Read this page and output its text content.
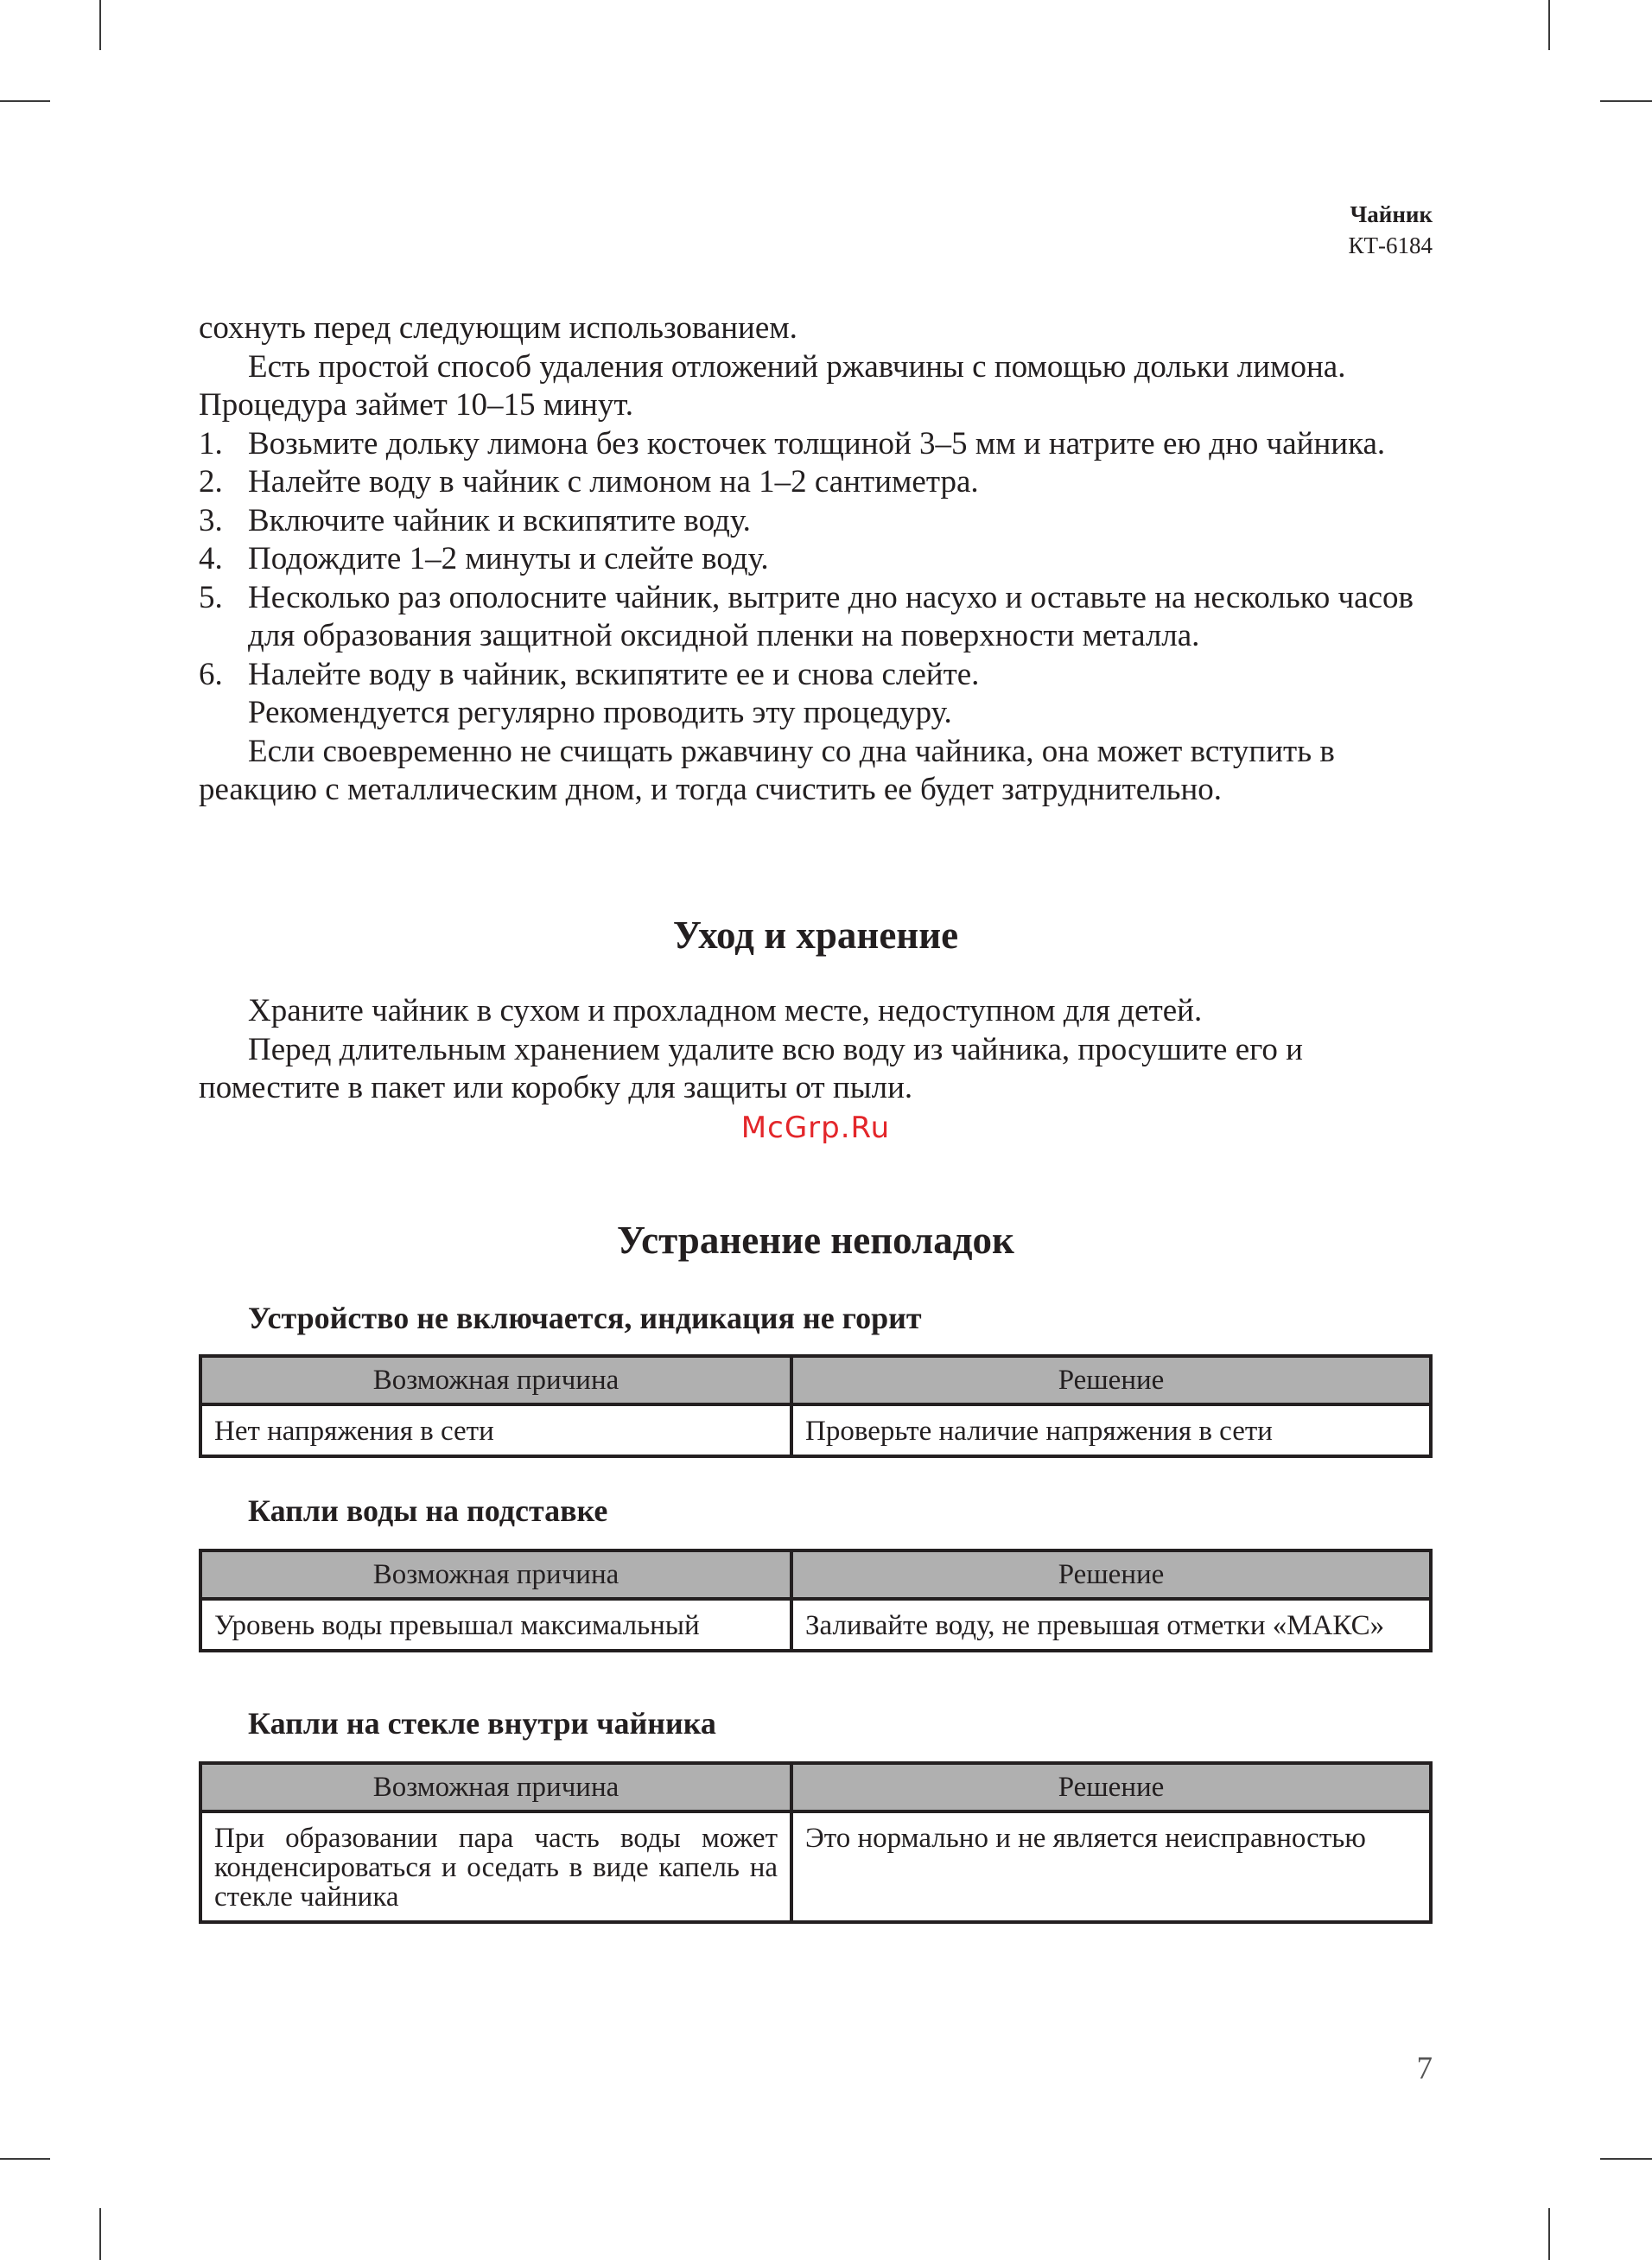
Чайник
КТ-6184

сохнуть перед следующим использованием.

Есть простой способ удаления отложений ржавчины с помощью дольки лимона. Процедура займет 10–15 минут.

1. Возьмите дольку лимона без косточек толщиной 3–5 мм и натрите ею дно чайника.
2. Налейте воду в чайник с лимоном на 1–2 сантиметра.
3. Включите чайник и вскипятите воду.
4. Подождите 1–2 минуты и слейте воду.
5. Несколько раз ополосните чайник, вытрите дно насухо и оставьте на несколько часов для образования защитной оксидной пленки на поверхности металла.
6. Налейте воду в чайник, вскипятите ее и снова слейте.

Рекомендуется регулярно проводить эту процедуру.

Если своевременно не счищать ржавчину со дна чайника, она может вступить в реакцию с металлическим дном, и тогда счистить ее будет затруднительно.

Уход и хранение

Храните чайник в сухом и прохладном месте, недоступном для детей.

Перед длительным хранением удалите всю воду из чайника, просушите его и поместите в пакет или коробку для защиты от пыли.

McGrp.Ru
Устранение неполадок
Устройство не включается, индикация не горит
Возможная причина	Решение
Нет напряжения в сети	Проверьте наличие напряжения в сети
Капли воды на подставке
Возможная причина	Решение
Уровень воды превышал максимальный	Заливайте воду, не превышая отметки «МАКС»
Капли на стекле внутри чайника
Возможная причина	Решение
При образовании пара часть воды может конденсироваться и оседать в виде капель на стекле чайника	Это нормально и не является неисправностью
7
